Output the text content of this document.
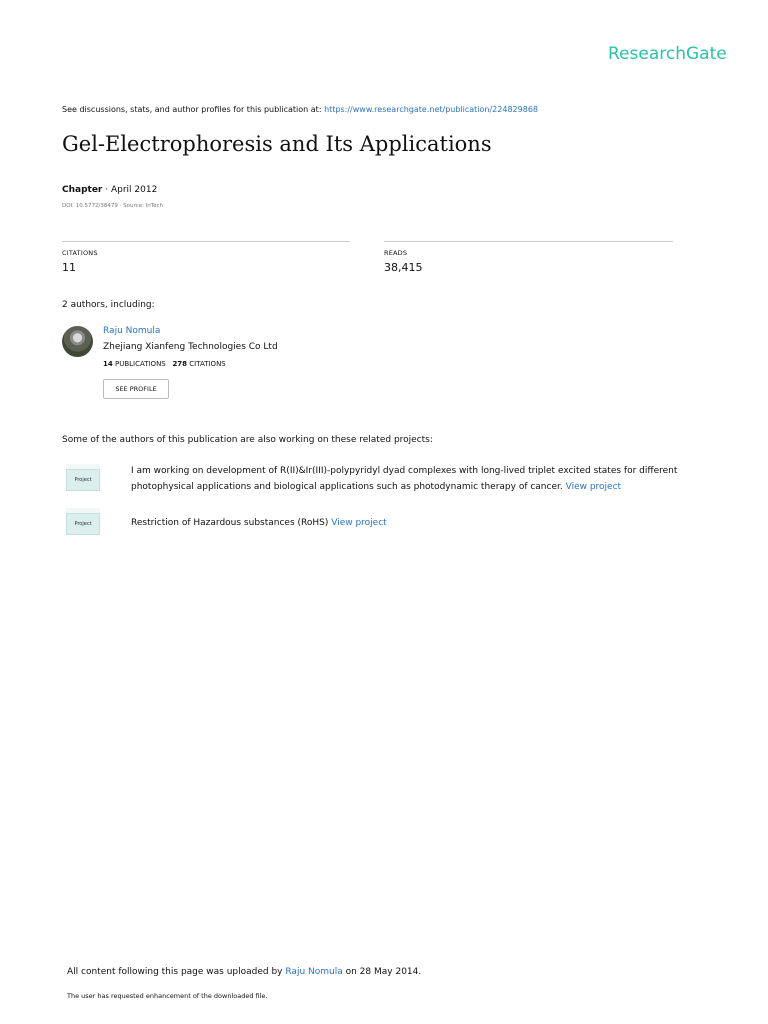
ResearchGate
See discussions, stats, and author profiles for this publication at: https://www.researchgate.net/publication/224829868
Gel-Electrophoresis and Its Applications
Chapter · April 2012
DOI: 10.5772/38479 · Source: InTech
CITATIONS
11
READS
38,415
2 authors, including:
Raju Nomula
Zhejiang Xianfeng Technologies Co Ltd
14 PUBLICATIONS 278 CITATIONS
SEE PROFILE
Some of the authors of this publication are also working on these related projects:
Project
I am working on development of R(II)&Ir(III)-polypyridyl dyad complexes with long-lived triplet excited states for different
photophysical applications and biological applications such as photodynamic therapy of cancer. View project
Project	Restriction of Hazardous substances (RoHS) View project
All content following this page was uploaded by Raju Nomula on 28 May 2014.
The user has requested enhancement of the downloaded file.
